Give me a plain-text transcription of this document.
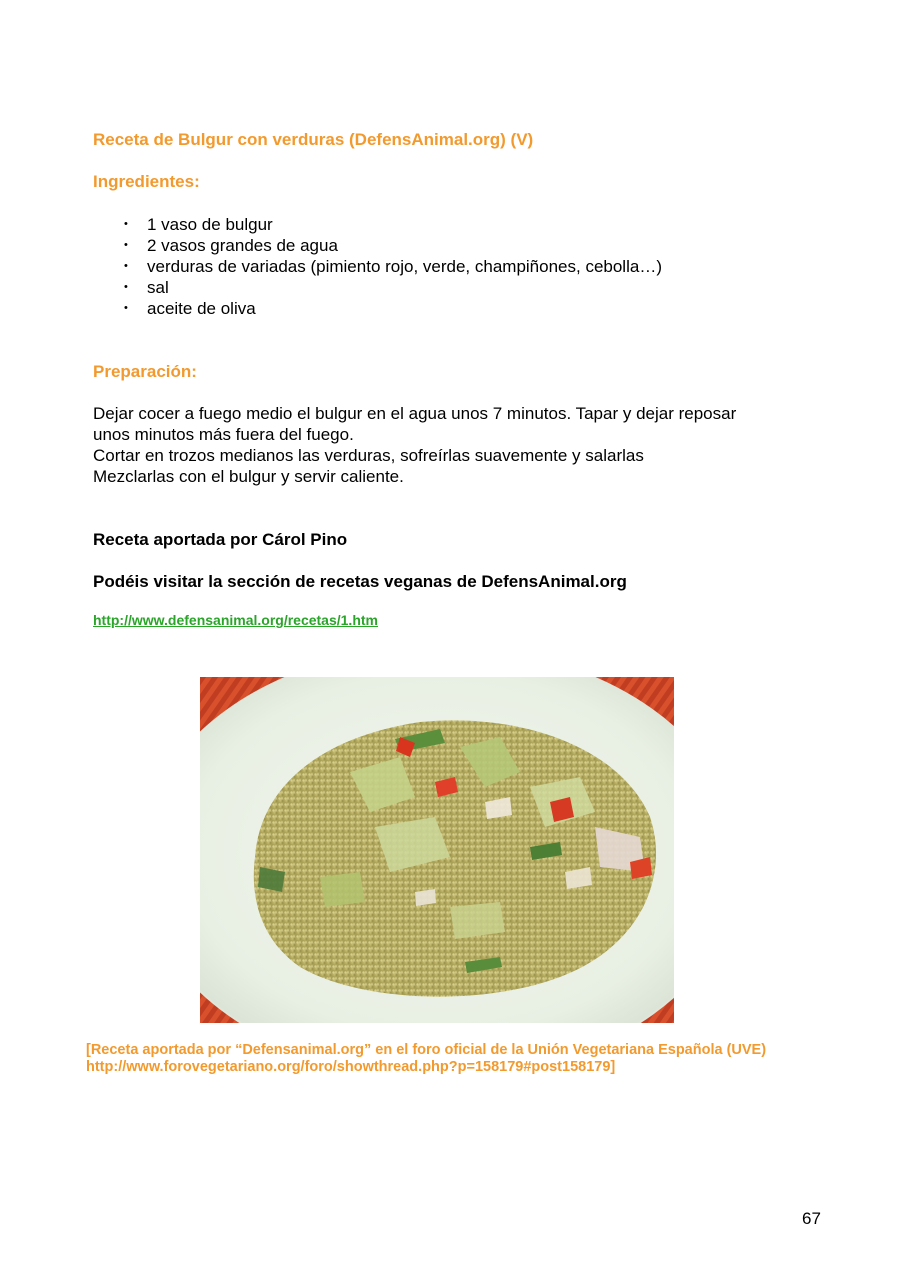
Receta de Bulgur con verduras (DefensAnimal.org) (V)
Ingredientes:
• 1 vaso de bulgur
• 2 vasos grandes de agua
• verduras de variadas (pimiento rojo, verde, champiñones, cebolla…)
• sal
• aceite de oliva
Preparación:
Dejar cocer a fuego medio el bulgur en el agua unos 7 minutos. Tapar y dejar reposar
unos minutos más fuera del fuego.
Cortar en trozos medianos las verduras, sofreírlas suavemente y salarlas
Mezclarlas con el bulgur y servir caliente.

Receta aportada por Cárol Pino

Podéis visitar la sección de recetas veganas de DefensAnimal.org

http://www.defensanimal.org/recetas/1.htm
[Receta aportada por “Defensanimal.org” en el foro oficial de la Unión Vegetariana Española (UVE)
http://www.forovegetariano.org/foro/showthread.php?p=158179#post158179]
67
